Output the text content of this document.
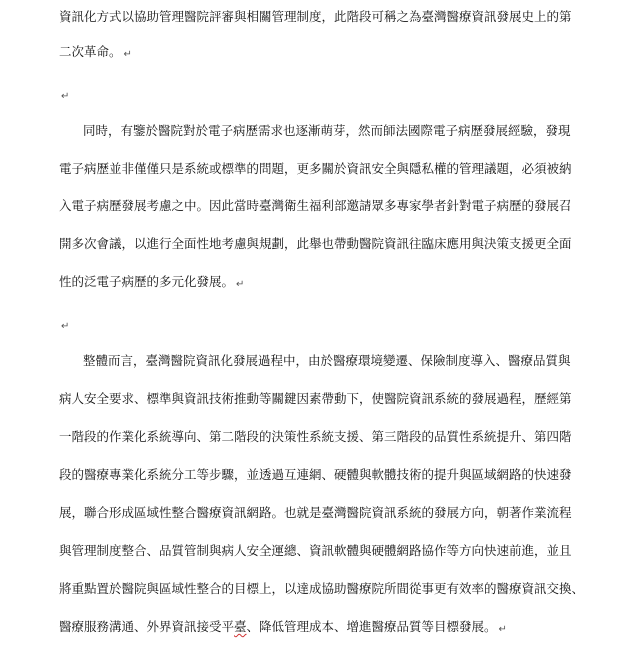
資訊化方式以協助管理醫院評審與相關管理制度，此階段可稱之為臺灣醫療資訊發展史上的第
二次革命。 ↵
↵
同時，有鑒於醫院對於電子病歷需求也逐漸萌芽，然而師法國際電子病歷發展經驗，發現
電子病歷並非僅僅只是系統或標準的問題，更多關於資訊安全與隱私權的管理議題，必須被納
入電子病歷發展考慮之中。因此當時臺灣衛生福利部邀請眾多專家學者針對電子病歷的發展召
開多次會議，以進行全面性地考慮與規劃，此舉也帶動醫院資訊往臨床應用與決策支援更全面
性的泛電子病歷的多元化發展。 ↵
↵
整體而言，臺灣醫院資訊化發展過程中，由於醫療環境變遷、保險制度導入、醫療品質與
病人安全要求、標準與資訊技術推動等關鍵因素帶動下，使醫院資訊系統的發展過程，歷經第
一階段的作業化系統導向、第二階段的決策性系統支援、第三階段的品質性系統提升、第四階
段的醫療專業化系統分工等步驟，並透過互連網、硬體與軟體技術的提升與區域網路的快速發
展，聯合形成區域性整合醫療資訊網路。也就是臺灣醫院資訊系統的發展方向，朝著作業流程
與管理制度整合、品質管制與病人安全運總、資訊軟體與硬體網路協作等方向快速前進，並且
將重點置於醫院與區域性整合的目標上，以達成協助醫療院所間從事更有效率的醫療資訊交換、
醫療服務溝通、外界資訊接受平臺、降低管理成本、增進醫療品質等目標發展。 ↵
